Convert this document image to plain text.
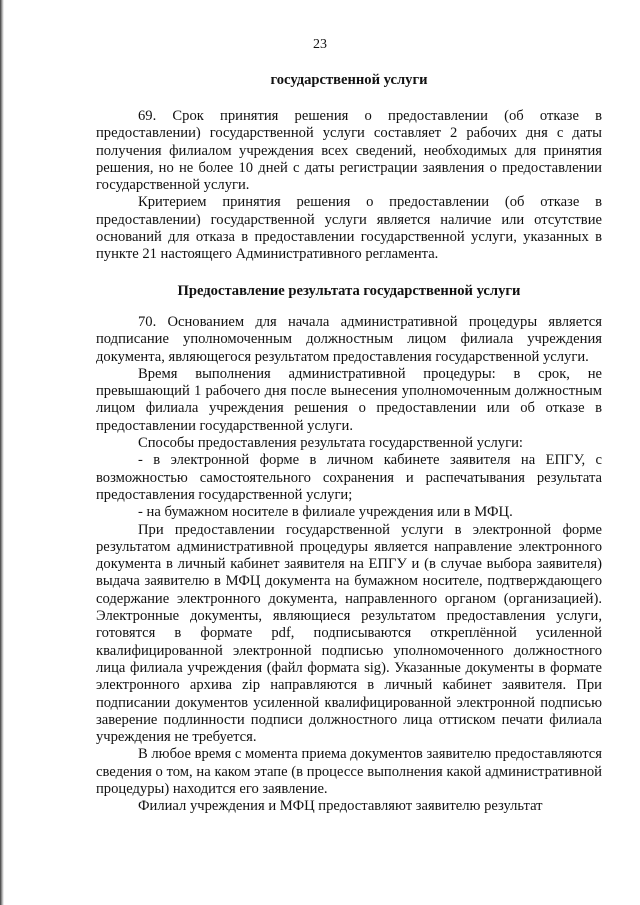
23
государственной услуги

69. Срок принятия решения о предоставлении (об отказе в предоставлении) государственной услуги составляет 2 рабочих дня с даты получения филиалом учреждения всех сведений, необходимых для принятия решения, но не более 10 дней с даты регистрации заявления о предоставлении государственной услуги.

Критерием принятия решения о предоставлении (об отказе в предоставлении) государственной услуги является наличие или отсутствие оснований для отказа в предоставлении государственной услуги, указанных в пункте 21 настоящего Административного регламента.

Предоставление результата государственной услуги

70. Основанием для начала административной процедуры является подписание уполномоченным должностным лицом филиала учреждения документа, являющегося результатом предоставления государственной услуги.

Время выполнения административной процедуры: в срок, не превышающий 1 рабочего дня после вынесения уполномоченным должностным лицом филиала учреждения решения о предоставлении или об отказе в предоставлении государственной услуги.

Способы предоставления результата государственной услуги:

- в электронной форме в личном кабинете заявителя на ЕПГУ, с возможностью самостоятельного сохранения и распечатывания результата предоставления государственной услуги;

- на бумажном носителе в филиале учреждения или в МФЦ.

При предоставлении государственной услуги в электронной форме результатом административной процедуры является направление электронного документа в личный кабинет заявителя на ЕПГУ и (в случае выбора заявителя) выдача заявителю в МФЦ документа на бумажном носителе, подтверждающего содержание электронного документа, направленного органом (организацией). Электронные документы, являющиеся результатом предоставления услуги, готовятся в формате pdf, подписываются откреплённой усиленной квалифицированной электронной подписью уполномоченного должностного лица филиала учреждения (файл формата sig). Указанные документы в формате электронного архива zip направляются в личный кабинет заявителя. При подписании документов усиленной квалифицированной электронной подписью заверение подлинности подписи должностного лица оттиском печати филиала учреждения не требуется.

В любое время с момента приема документов заявителю предоставляются сведения о том, на каком этапе (в процессе выполнения какой административной процедуры) находится его заявление.

Филиал учреждения и МФЦ предоставляют заявителю результат
